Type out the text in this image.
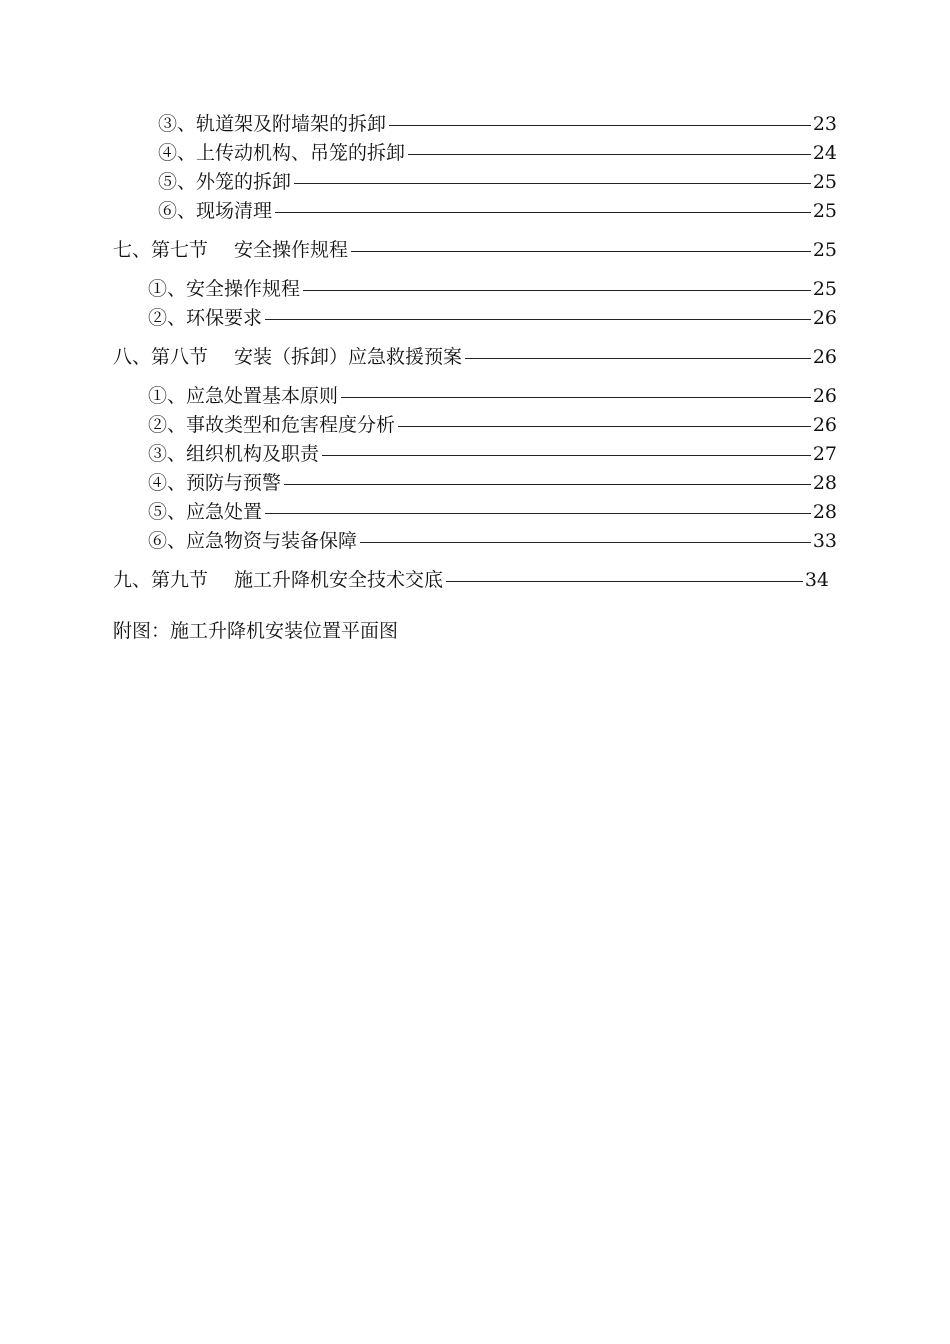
③、轨道架及附墙架的拆卸	23
④、上传动机构、吊笼的拆卸	24
⑤、外笼的拆卸	25
⑥、现场清理	25
七、第七节 安全操作规程	25
①、安全操作规程	25
②、环保要求	26
八、第八节 安装（拆卸）应急救援预案	26
①、应急处置基本原则	26
②、事故类型和危害程度分析	26
③、组织机构及职责	27
④、预防与预警	28
⑤、应急处置	28
⑥、应急物资与装备保障	33
九、第九节 施工升降机安全技术交底	34
附图：施工升降机安装位置平面图
